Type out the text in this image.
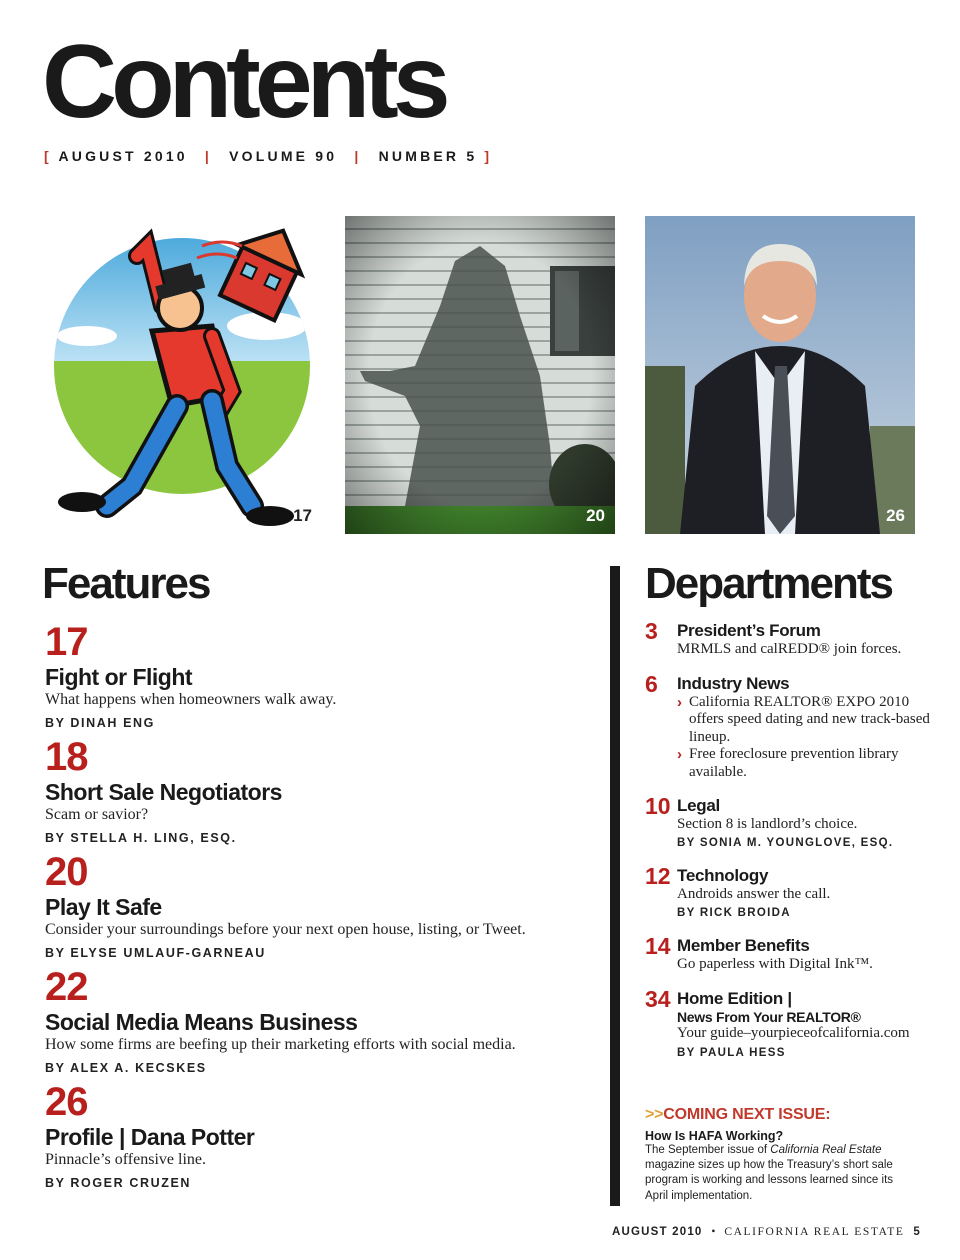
Contents
[ AUGUST 2010 | VOLUME 90 | NUMBER 5 ]
17	20	26
Features
17
Fight or Flight
What happens when homeowners walk away.
BY DINAH ENG
18
Short Sale Negotiators
Scam or savior?
BY STELLA H. LING, ESQ.
20
Play It Safe
Consider your surroundings before your next open house, listing, or Tweet.
BY ELYSE UMLAUF-GARNEAU
22
Social Media Means Business
How some firms are beefing up their marketing efforts with social media.
BY ALEX A. KECSKES
26
Profile | Dana Potter
Pinnacle’s offensive line.
BY ROGER CRUZEN
Departments
3 President’s Forum
MRMLS and calREDD® join forces.
6 Industry News
› California REALTOR® EXPO 2010 offers speed dating and new track-based lineup.
› Free foreclosure prevention library available.
10 Legal
Section 8 is landlord’s choice.
BY SONIA M. YOUNGLOVE, ESQ.
12 Technology
Androids answer the call.
BY RICK BROIDA
14 Member Benefits
Go paperless with Digital Ink™.
34 Home Edition |
News From Your REALTOR®
Your guide–yourpieceofcalifornia.com
BY PAULA HESS
>>COMING NEXT ISSUE:
How Is HAFA Working?
The September issue of California Real Estate magazine sizes up how the Treasury’s short sale program is working and lessons learned since its April implementation.
AUGUST 2010 • CALIFORNIA REAL ESTATE 5
